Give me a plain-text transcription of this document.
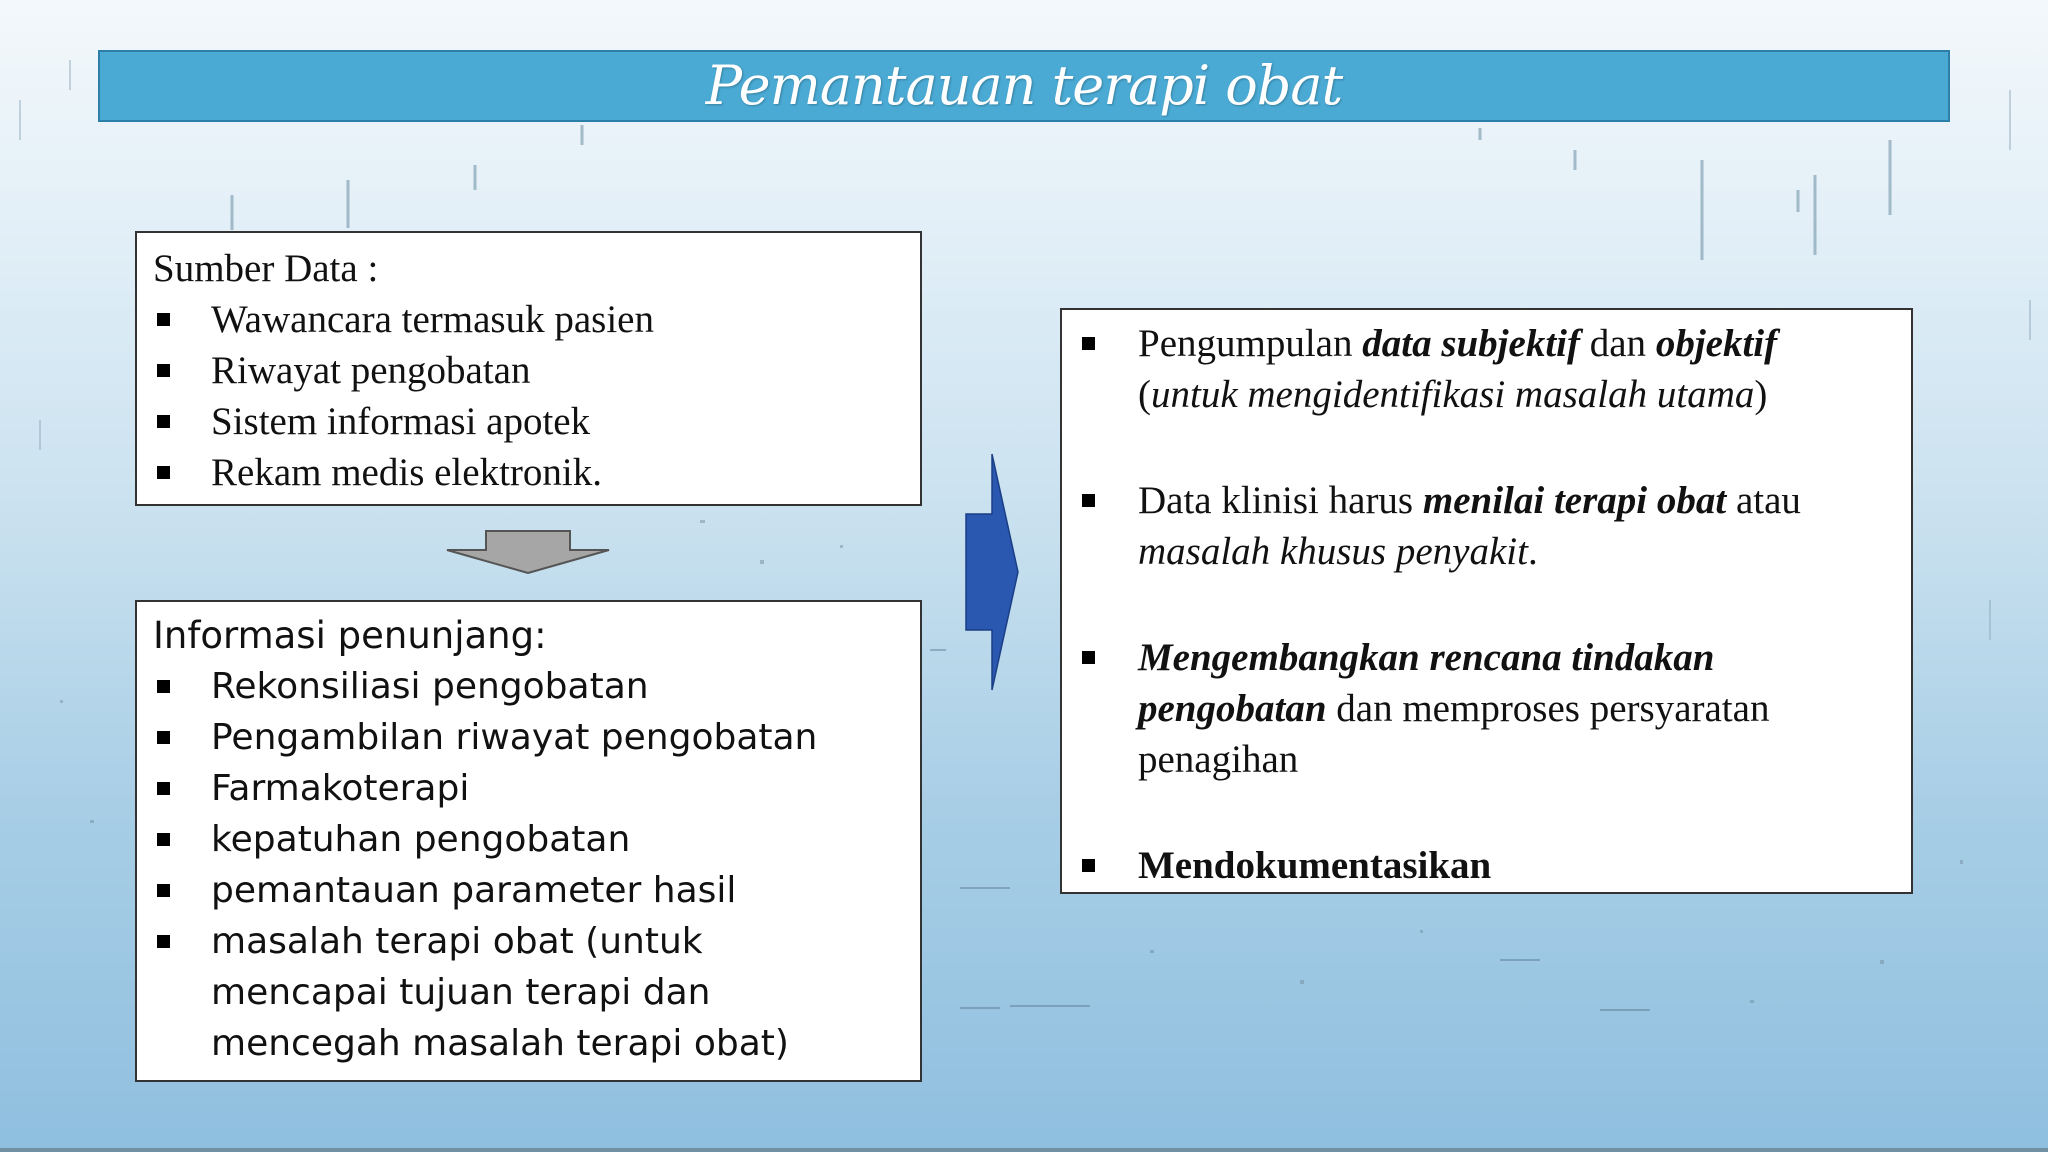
Pemantauan terapi obat
Sumber Data :
Wawancara termasuk pasien
Riwayat pengobatan
Sistem informasi apotek
Rekam medis elektronik.
Informasi penunjang:
Rekonsiliasi pengobatan
Pengambilan riwayat pengobatan
Farmakoterapi
kepatuhan pengobatan
pemantauan parameter hasil
masalah terapi obat (untuk
mencapai tujuan terapi dan
mencegah masalah terapi obat)
Pengumpulan data subjektif dan objektif
(untuk mengidentifikasi masalah utama)
Data klinisi harus menilai terapi obat atau
masalah khusus penyakit.
Mengembangkan rencana tindakan
pengobatan dan memproses persyaratan
penagihan
Mendokumentasikan
